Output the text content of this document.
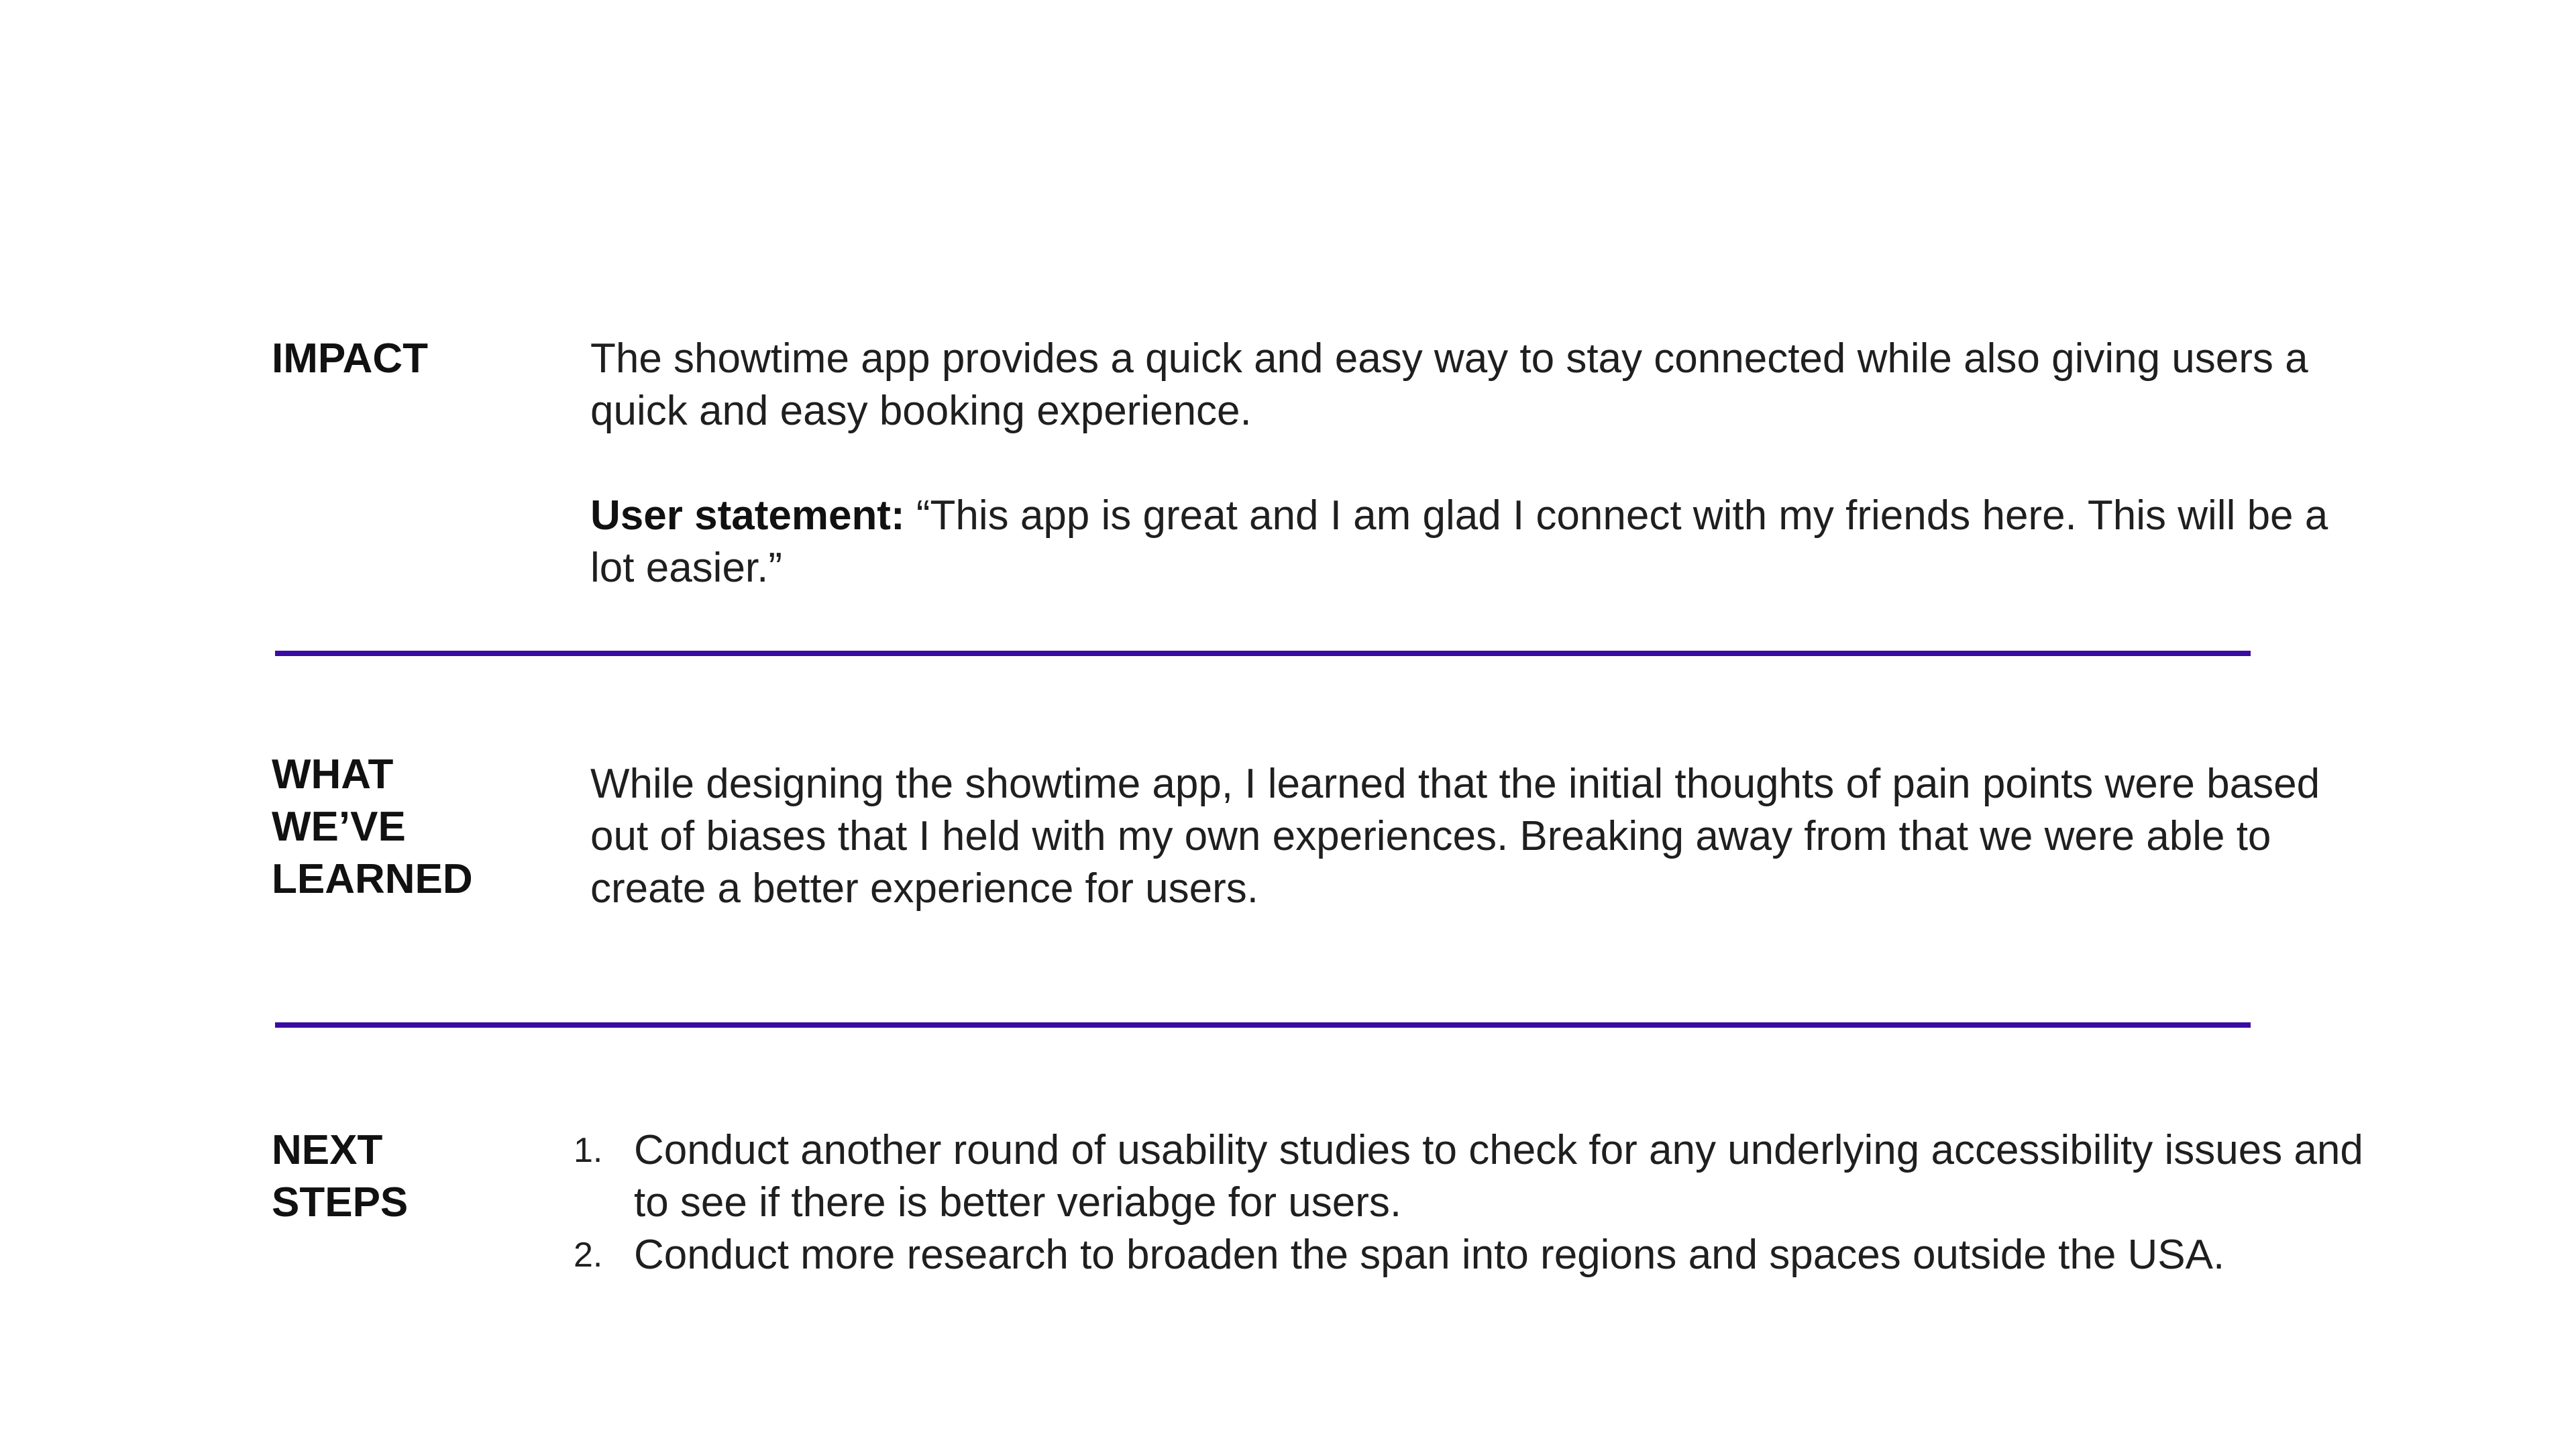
IMPACT	The showtime app provides a quick and easy way to stay connected while also giving users a quick and easy booking experience.

User statement: “This app is great and I am glad I connect with my friends here. This will be a lot easier.”

WHAT
WE’VE
LEARNED

While designing the showtime app, I learned that the initial thoughts of pain points were based out of biases that I held with my own experiences. Breaking away from that we were able to create a better experience for users.

NEXT
STEPS
1. Conduct another round of usability studies to check for any underlying accessibility issues and to see if there is better veriabge for users.
2. Conduct more research to broaden the span into regions and spaces outside the USA.
